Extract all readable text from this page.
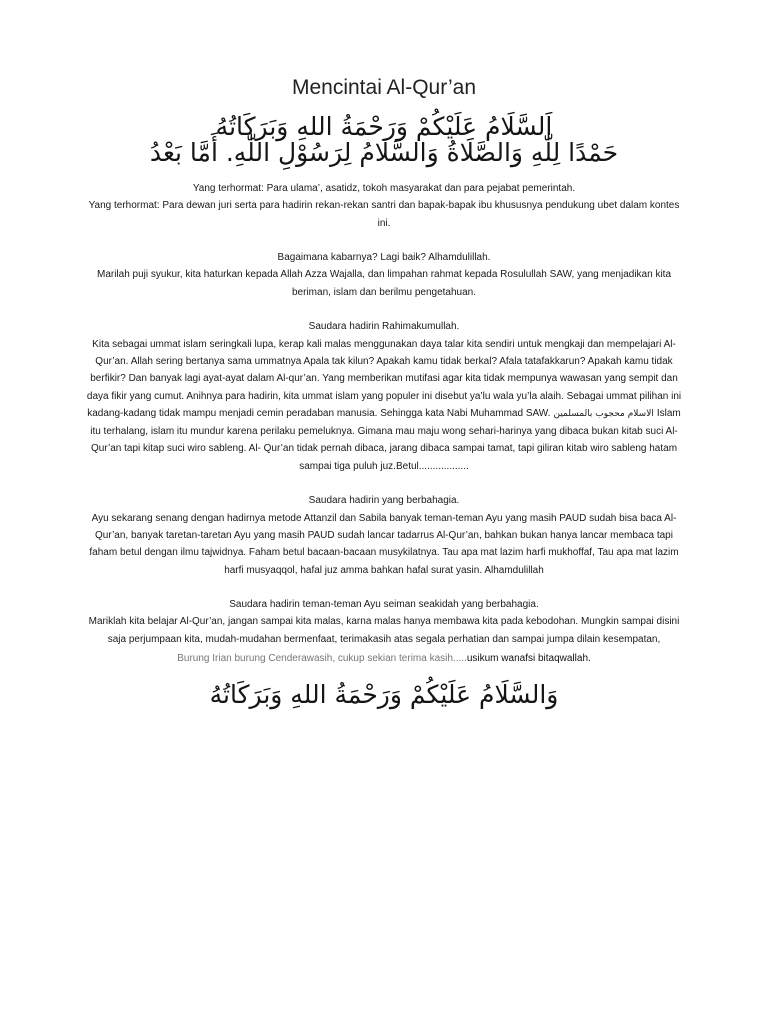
Mencintai Al-Qur’an
اَلسَّلَامُ عَلَيْكُمْ وَرَحْمَةُ اللهِ وَبَرَكَاتُهُ
حَمْدًا لِلّٰهِ وَالصَّلَاةُ وَالسَّلَامُ لِرَسُوْلِ اللّٰهِ. أَمَّا بَعْدُ

Yang terhormat: Para ulama’, asatidz, tokoh masyarakat dan para pejabat pemerintah.

Yang terhormat: Para dewan juri serta para hadirin rekan-rekan santri dan bapak-bapak ibu khususnya pendukung ubet dalam kontes ini.

Bagaimana kabarnya? Lagi baik? Alhamdulillah.

Marilah puji syukur, kita haturkan kepada Allah Azza Wajalla, dan limpahan rahmat kepada Rosulullah SAW, yang menjadikan kita beriman, islam dan berilmu pengetahuan.

Saudara hadirin Rahimakumullah.

Kita sebagai ummat islam seringkali lupa, kerap kali malas menggunakan daya talar kita sendiri untuk mengkaji dan mempelajari Al- Qur’an. Allah sering bertanya sama ummatnya Apala tak kilun? Apakah kamu tidak berkal? Afala tatafakkarun? Apakah kamu tidak berfikir? Dan banyak lagi ayat-ayat dalam Al-qur’an. Yang memberikan mutifasi agar kita tidak mempunya wawasan yang sempit dan daya fikir yang cumut. Anihnya para hadirin, kita ummat islam yang populer ini disebut ya’lu wala yu’la alaih. Sebagai ummat pilihan ini kadang-kadang tidak mampu menjadi cemin peradaban manusia. Sehingga kata Nabi Muhammad SAW. الاسلام محجوب بالمسلمين Islam itu terhalang, islam itu mundur karena perilaku pemeluknya. Gimana mau maju wong sehari-harinya yang dibaca bukan kitab suci Al-Qur’an tapi kitap suci wiro sableng. Al- Qur’an tidak pernah dibaca, jarang dibaca sampai tamat, tapi giliran kitab wiro sableng hatam sampai tiga puluh juz.Betul..................

Saudara hadirin yang berbahagia.

Ayu sekarang senang dengan hadirnya metode Attanzil dan Sabila banyak teman-teman Ayu yang masih PAUD sudah bisa baca Al-Qur’an, banyak taretan-taretan Ayu yang masih PAUD sudah lancar tadarrus Al-Qur’an, bahkan bukan hanya lancar membaca tapi faham betul dengan ilmu tajwidnya. Faham betul bacaan-bacaan musykilatnya. Tau apa mat lazim harfi mukhoffaf, Tau apa mat lazim harfi musyaqqol, hafal juz amma bahkan hafal surat yasin. Alhamdulillah

Saudara hadirin teman-teman Ayu seiman seakidah yang berbahagia.

Mariklah kita belajar Al-Qur’an, jangan sampai kita malas, karna malas hanya membawa kita pada kebodohan. Mungkin sampai disini saja perjumpaan kita, mudah-mudahan bermenfaat, terimakasih atas segala perhatian dan sampai jumpa dilain kesempatan,

Burung Irian burung Cenderawasih, cukup sekian terima kasih.....usikum wanafsi bitaqwallah.
وَالسَّلَامُ عَلَيْكُمْ وَرَحْمَةُ اللهِ وَبَرَكَاتُهُ
